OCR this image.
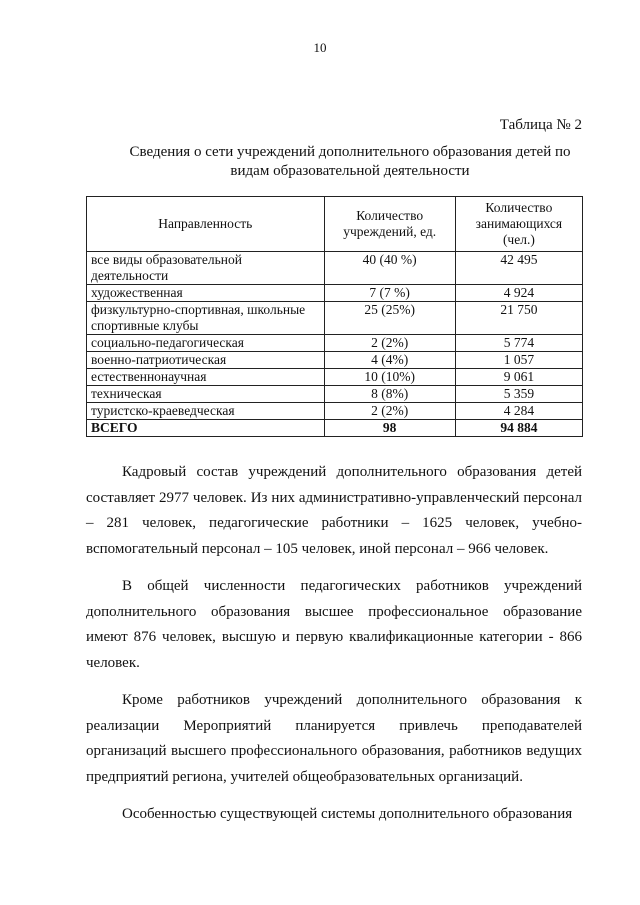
10
Таблица № 2
Сведения о сети учреждений дополнительного образования детей по
видам образовательной деятельности
Направленность	Количество учреждений, ед.	Количество занимающихся (чел.)
все виды образовательной деятельности	40 (40 %)	42 495
художественная	7 (7 %)	4 924
физкультурно-спортивная, школьные спортивные клубы	25 (25%)	21 750
социально-педагогическая	2 (2%)	5 774
военно-патриотическая	4 (4%)	1 057
естественнонаучная	10 (10%)	9 061
техническая	8 (8%)	5 359
туристско-краеведческая	2 (2%)	4 284
ВСЕГО	98	94 884

Кадровый состав учреждений дополнительного образования детей составляет 2977 человек. Из них административно-управленческий персонал – 281 человек, педагогические работники – 1625 человек, учебно-вспомогательный персонал – 105 человек, иной персонал – 966 человек.

В общей численности педагогических работников учреждений дополнительного образования высшее профессиональное образование имеют 876 человек, высшую и первую квалификационные категории - 866 человек.

Кроме работников учреждений дополнительного образования к реализации Мероприятий планируется привлечь преподавателей организаций высшего профессионального образования, работников ведущих предприятий региона, учителей общеобразовательных организаций.

Особенностью существующей системы дополнительного образования
